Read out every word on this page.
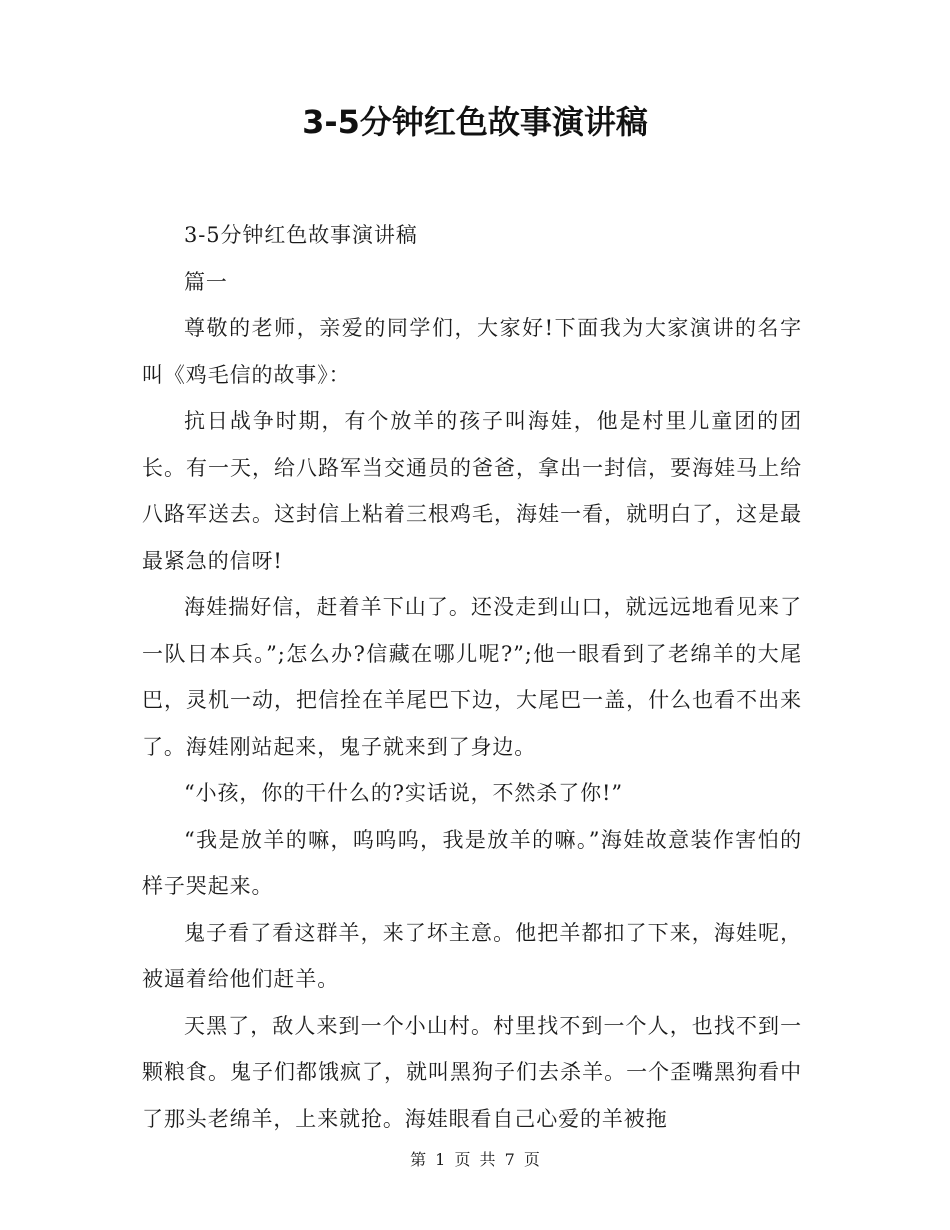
3-5分钟红色故事演讲稿

3-5分钟红色故事演讲稿

篇一

尊敬的老师，亲爱的同学们，大家好!下面我为大家演讲的名字叫《鸡毛信的故事》：

抗日战争时期，有个放羊的孩子叫海娃，他是村里儿童团的团长。有一天，给八路军当交通员的爸爸，拿出一封信，要海娃马上给八路军送去。这封信上粘着三根鸡毛，海娃一看，就明白了，这是最最紧急的信呀!

海娃揣好信，赶着羊下山了。还没走到山口，就远远地看见来了一队日本兵。”;怎么办?信藏在哪儿呢?”;他一眼看到了老绵羊的大尾巴，灵机一动，把信拴在羊尾巴下边，大尾巴一盖，什么也看不出来了。海娃刚站起来，鬼子就来到了身边。

“小孩，你的干什么的?实话说，不然杀了你!”

“我是放羊的嘛，呜呜呜，我是放羊的嘛。”海娃故意装作害怕的样子哭起来。

鬼子看了看这群羊，来了坏主意。他把羊都扣了下来，海娃呢，被逼着给他们赶羊。

天黑了，敌人来到一个小山村。村里找不到一个人，也找不到一颗粮食。鬼子们都饿疯了，就叫黑狗子们去杀羊。一个歪嘴黑狗看中了那头老绵羊，上来就抢。海娃眼看自己心爱的羊被拖

第 1 页 共 7 页
